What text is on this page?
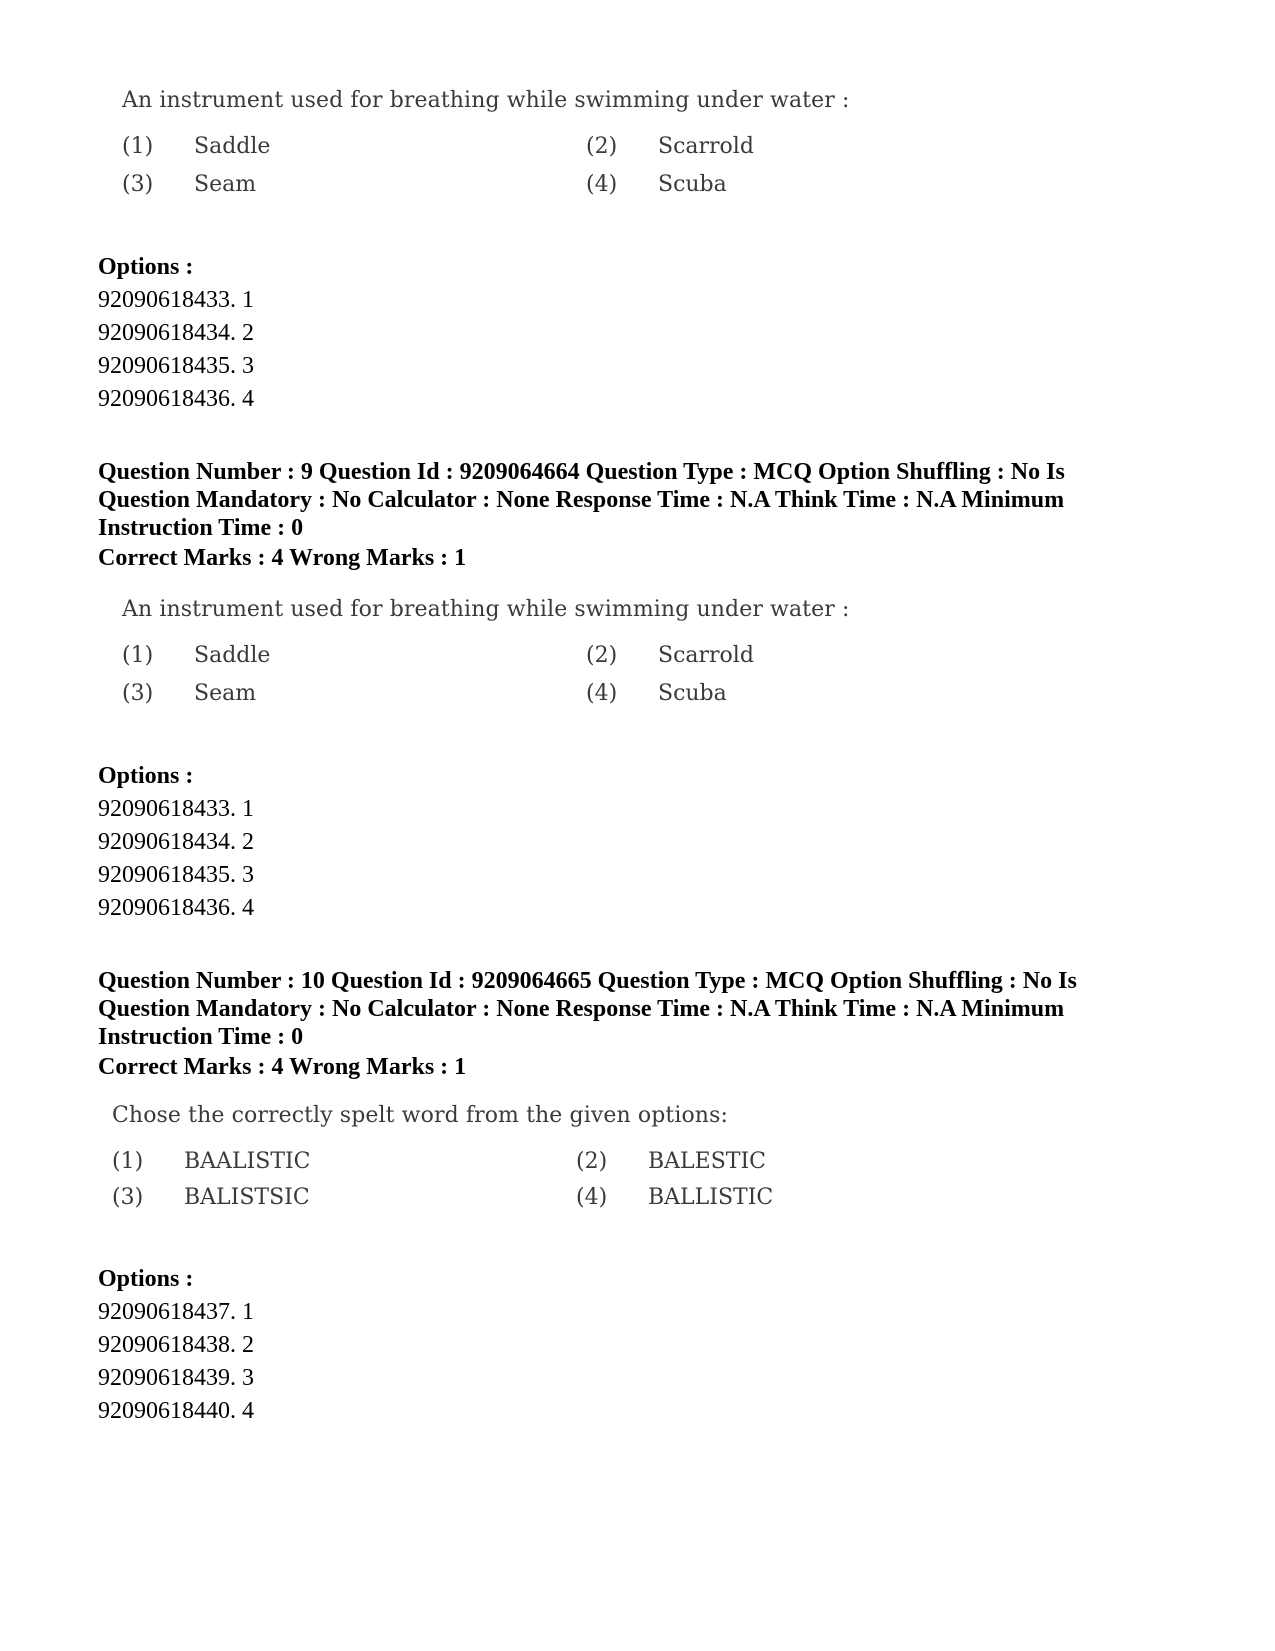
An instrument used for breathing while swimming under water :
(1) Saddle	(2) Scarrold
(3) Seam	(4) Scuba
Options :
92090618433. 1
92090618434. 2
92090618435. 3
92090618436. 4
Question Number : 9 Question Id : 9209064664 Question Type : MCQ Option Shuffling : No Is
Question Mandatory : No Calculator : None Response Time : N.A Think Time : N.A Minimum
Instruction Time : 0
Correct Marks : 4 Wrong Marks : 1
An instrument used for breathing while swimming under water :
(1) Saddle	(2) Scarrold
(3) Seam	(4) Scuba
Options :
92090618433. 1
92090618434. 2
92090618435. 3
92090618436. 4
Question Number : 10 Question Id : 9209064665 Question Type : MCQ Option Shuffling : No Is
Question Mandatory : No Calculator : None Response Time : N.A Think Time : N.A Minimum
Instruction Time : 0
Correct Marks : 4 Wrong Marks : 1
Chose the correctly spelt word from the given options:
(1) BAALISTIC	(2) BALESTIC
(3) BALISTSIC	(4) BALLISTIC
Options :
92090618437. 1
92090618438. 2
92090618439. 3
92090618440. 4
